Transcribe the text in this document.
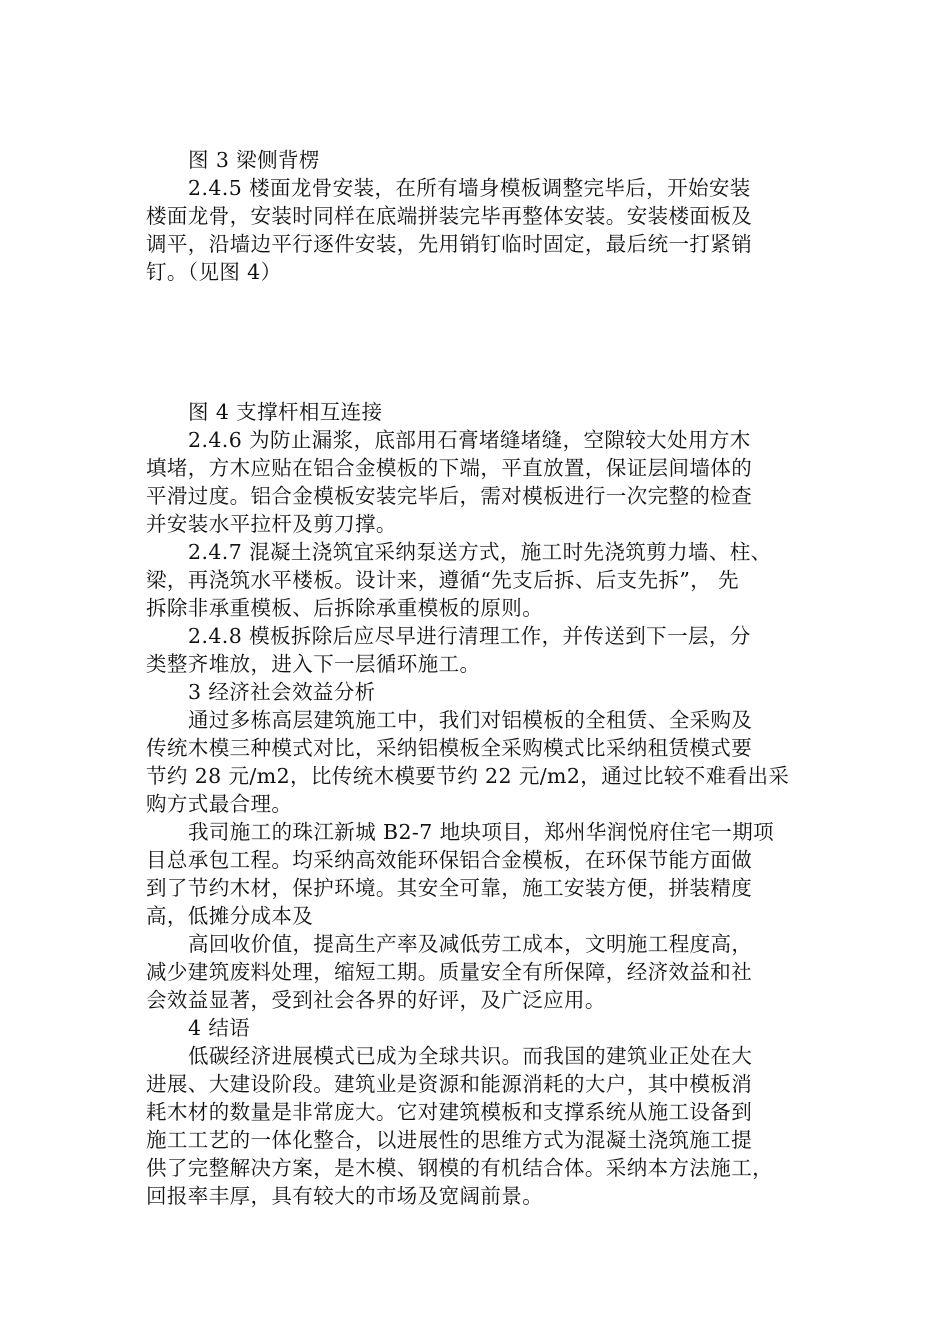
图 3 梁侧背楞
2.4.5 楼面龙骨安装，在所有墙身模板调整完毕后，开始安装
楼面龙骨，安装时同样在底端拼装完毕再整体安装。安装楼面板及
调平，沿墙边平行逐件安装，先用销钉临时固定，最后统一打紧销
钉。（见图 4）
图 4 支撑杆相互连接
2.4.6 为防止漏浆，底部用石膏堵缝堵缝，空隙较大处用方木
填堵，方木应贴在铝合金模板的下端，平直放置，保证层间墙体的
平滑过度。铝合金模板安装完毕后，需对模板进行一次完整的检查
并安装水平拉杆及剪刀撑。
2.4.7 混凝土浇筑宜采纳泵送方式，施工时先浇筑剪力墙、柱、
梁，再浇筑水平楼板。设计来，遵循“先支后拆、后支先拆”， 先
拆除非承重模板、后拆除承重模板的原则。
2.4.8 模板拆除后应尽早进行清理工作，并传送到下一层，分
类整齐堆放，进入下一层循环施工。
3 经济社会效益分析
通过多栋高层建筑施工中，我们对铝模板的全租赁、全采购及
传统木模三种模式对比，采纳铝模板全采购模式比采纳租赁模式要
节约 28 元/m2，比传统木模要节约 22 元/m2，通过比较不难看出采
购方式最合理。
我司施工的珠江新城 B2-7 地块项目，郑州华润悦府住宅一期项
目总承包工程。均采纳高效能环保铝合金模板，在环保节能方面做
到了节约木材，保护环境。其安全可靠，施工安装方便，拼装精度
高，低摊分成本及
高回收价值，提高生产率及减低劳工成本，文明施工程度高，
减少建筑废料处理，缩短工期。质量安全有所保障，经济效益和社
会效益显著，受到社会各界的好评，及广泛应用。
4 结语
低碳经济进展模式已成为全球共识。而我国的建筑业正处在大
进展、大建设阶段。建筑业是资源和能源消耗的大户，其中模板消
耗木材的数量是非常庞大。它对建筑模板和支撑系统从施工设备到
施工工艺的一体化整合，以进展性的思维方式为混凝土浇筑施工提
供了完整解决方案，是木模、钢模的有机结合体。采纳本方法施工，
回报率丰厚，具有较大的市场及宽阔前景。
